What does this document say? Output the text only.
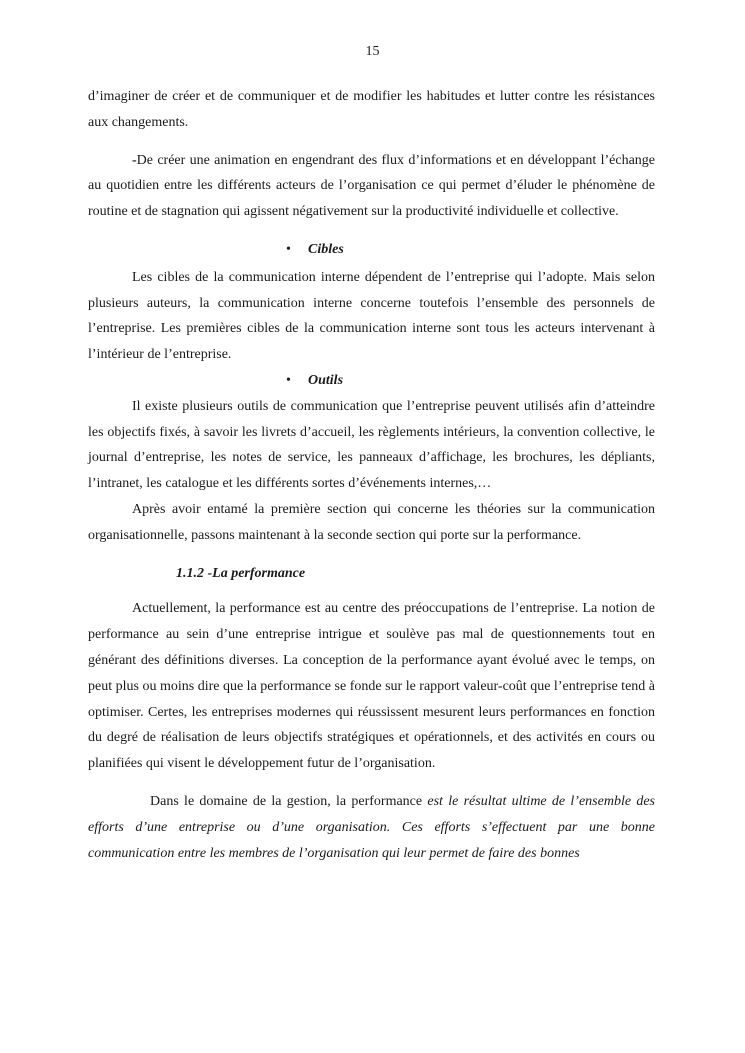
15

d’imaginer de créer et de communiquer et de modifier les habitudes et lutter contre les résistances aux changements.

-De créer une animation en engendrant des flux d’informations et en développant l’échange au quotidien entre les différents acteurs de l’organisation ce qui permet d’éluder le phénomène de routine et de stagnation qui agissent négativement sur la productivité individuelle et collective.

• Cibles

Les cibles de la communication interne dépendent de l’entreprise qui l’adopte. Mais selon plusieurs auteurs, la communication interne concerne toutefois l’ensemble des personnels de l’entreprise. Les premières cibles de la communication interne sont tous les acteurs intervenant à l’intérieur de l’entreprise.

• Outils

Il existe plusieurs outils de communication que l’entreprise peuvent utilisés afin d’atteindre les objectifs fixés, à savoir les livrets d’accueil, les règlements intérieurs, la convention collective, le journal d’entreprise, les notes de service, les panneaux d’affichage, les brochures, les dépliants, l’intranet, les catalogue et les différents sortes d’événements internes,…

Après avoir entamé la première section qui concerne les théories sur la communication organisationnelle, passons maintenant à la seconde section qui porte sur la performance.

1.1.2 -La performance

Actuellement, la performance est au centre des préoccupations de l’entreprise. La notion de performance au sein d’une entreprise intrigue et soulève pas mal de questionnements tout en générant des définitions diverses. La conception de la performance ayant évolué avec le temps, on peut plus ou moins dire que la performance se fonde sur le rapport valeur-coût que l’entreprise tend à optimiser. Certes, les entreprises modernes qui réussissent mesurent leurs performances en fonction du degré de réalisation de leurs objectifs stratégiques et opérationnels, et des activités en cours ou planifiées qui visent le développement futur de l’organisation.

Dans le domaine de la gestion, la performance est le résultat ultime de l’ensemble des efforts d’une entreprise ou d’une organisation. Ces efforts s’effectuent par une bonne communication entre les membres de l’organisation qui leur permet de faire des bonnes
